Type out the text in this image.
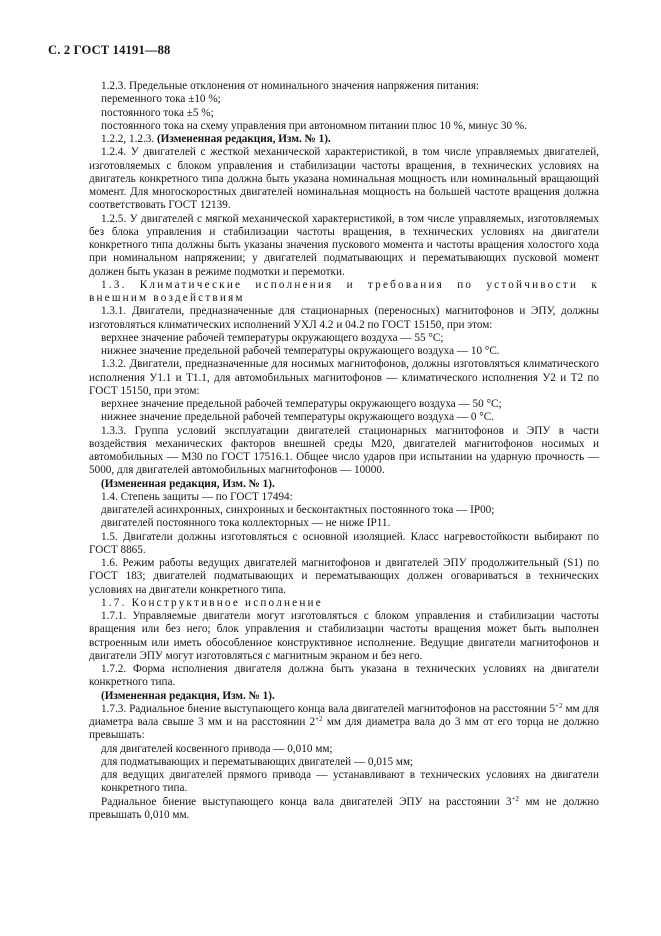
С. 2 ГОСТ 14191—88

1.2.3. Предельные отклонения от номинального значения напряжения питания:

переменного тока ±10 %;

постоянного тока ±5 %;

постоянного тока на схему управления при автономном питании плюс 10 %, минус 30 %.

1.2.2, 1.2.3. (Измененная редакция, Изм. № 1).

1.2.4. У двигателей с жесткой механической характеристикой, в том числе управляемых двигателей, изготовляемых с блоком управления и стабилизации частоты вращения, в технических условиях на двигатель конкретного типа должна быть указана номинальная мощность или номинальный вращающий момент. Для многоскоростных двигателей номинальная мощность на большей частоте вращения должна соответствовать ГОСТ 12139.

1.2.5. У двигателей с мягкой механической характеристикой, в том числе управляемых, изготовляемых без блока управления и стабилизации частоты вращения, в технических условиях на двигатели конкретного типа должны быть указаны значения пускового момента и частоты вращения холостого хода при номинальном напряжении; у двигателей подматывающих и перематывающих пусковой момент должен быть указан в режиме подмотки и перемотки.

1.3. Климатические исполнения и требования по устойчивости к внешним воздействиям

1.3.1. Двигатели, предназначенные для стационарных (переносных) магнитофонов и ЭПУ, должны изготовляться климатических исполнений УХЛ 4.2 и 04.2 по ГОСТ 15150, при этом:

верхнее значение рабочей температуры окружающего воздуха — 55 °С;

нижнее значение предельной рабочей температуры окружающего воздуха — 10 °С.

1.3.2. Двигатели, предназначенные для носимых магнитофонов, должны изготовляться климатического исполнения У1.1 и Т1.1, для автомобильных магнитофонов — климатического исполнения У2 и Т2 по ГОСТ 15150, при этом:

верхнее значение предельной рабочей температуры окружающего воздуха — 50 °С;

нижнее значение предельной рабочей температуры окружающего воздуха — 0 °С.

1.3.3. Группа условий эксплуатации двигателей стационарных магнитофонов и ЭПУ в части воздействия механических факторов внешней среды М20, двигателей магнитофонов носимых и автомобильных — М30 по ГОСТ 17516.1. Общее число ударов при испытании на ударную прочность — 5000, для двигателей автомобильных магнитофонов — 10000.

(Измененная редакция, Изм. № 1).

1.4. Степень защиты — по ГОСТ 17494:

двигателей асинхронных, синхронных и бесконтактных постоянного тока — IP00;

двигателей постоянного тока коллекторных — не ниже IP11.

1.5. Двигатели должны изготовляться с основной изоляцией. Класс нагревостойкости выбирают по ГОСТ 8865.

1.6. Режим работы ведущих двигателей магнитофонов и двигателей ЭПУ продолжительный (S1) по ГОСТ 183; двигателей подматывающих и перематывающих должен оговариваться в технических условиях на двигатели конкретного типа.

1.7. Конструктивное исполнение

1.7.1. Управляемые двигатели могут изготовляться с блоком управления и стабилизации частоты вращения или без него; блок управления и стабилизации частоты вращения может быть выполнен встроенным или иметь обособленное конструктивное исполнение. Ведущие двигатели магнитофонов и двигатели ЭПУ могут изготовляться с магнитным экраном и без него.

1.7.2. Форма исполнения двигателя должна быть указана в технических условиях на двигатели конкретного типа.

(Измененная редакция, Изм. № 1).

1.7.3. Радиальное биение выступающего конца вала двигателей магнитофонов на расстоянии $5^{+2}$ мм для диаметра вала свыше 3 мм и на расстоянии $2^{+2}$ мм для диаметра вала до 3 мм от его торца не должно превышать:

для двигателей косвенного привода — 0,010 мм;

для подматывающих и перематывающих двигателей — 0,015 мм;

для ведущих двигателей прямого привода — устанавливают в технических условиях на двигатели конкретного типа.

Радиальное биение выступающего конца вала двигателей ЭПУ на расстоянии $3^{+2}$ мм не должно превышать 0,010 мм.
